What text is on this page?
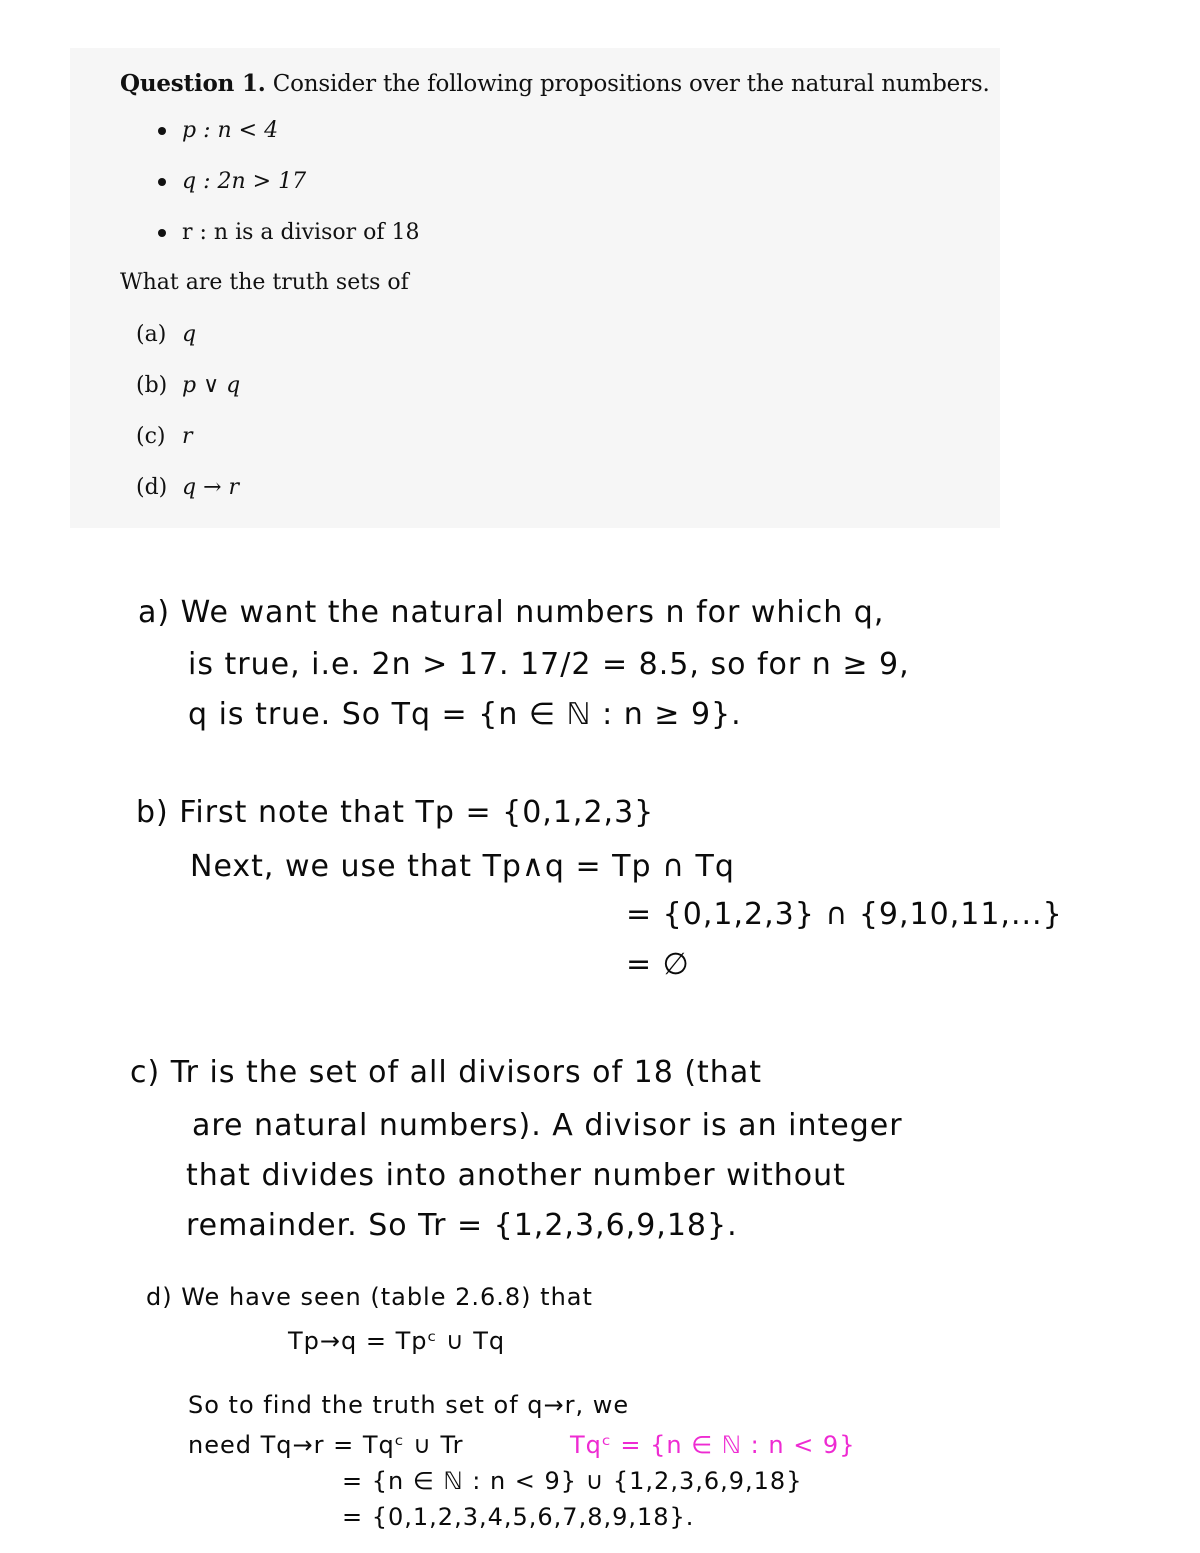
Question 1. Consider the following propositions over the natural numbers.
p : n < 4
q : 2n > 17
r : n is a divisor of 18
What are the truth sets of
(a) q
(b) p ∨ q
(c) r
(d) q → r
a) We want the natural numbers n for which q,
is true, i.e. 2n > 17. 17/2 = 8.5, so for n ≥ 9,
q is true. So Tq = {n ∈ ℕ : n ≥ 9}.
b) First note that Tp = {0,1,2,3}
Next, we use that Tp∧q = Tp ∩ Tq
= {0,1,2,3} ∩ {9,10,11,...}
= ∅
c) Tr is the set of all divisors of 18 (that
are natural numbers). A divisor is an integer
that divides into another number without
remainder. So Tr = {1,2,3,6,9,18}.
d) We have seen (table 2.6.8) that
Tp→q = Tpᶜ ∪ Tq
So to find the truth set of q→r, we
need Tq→r = Tqᶜ ∪ Tr	Tqᶜ = {n ∈ ℕ : n < 9}
= {n ∈ ℕ : n < 9} ∪ {1,2,3,6,9,18}
= {0,1,2,3,4,5,6,7,8,9,18}.
